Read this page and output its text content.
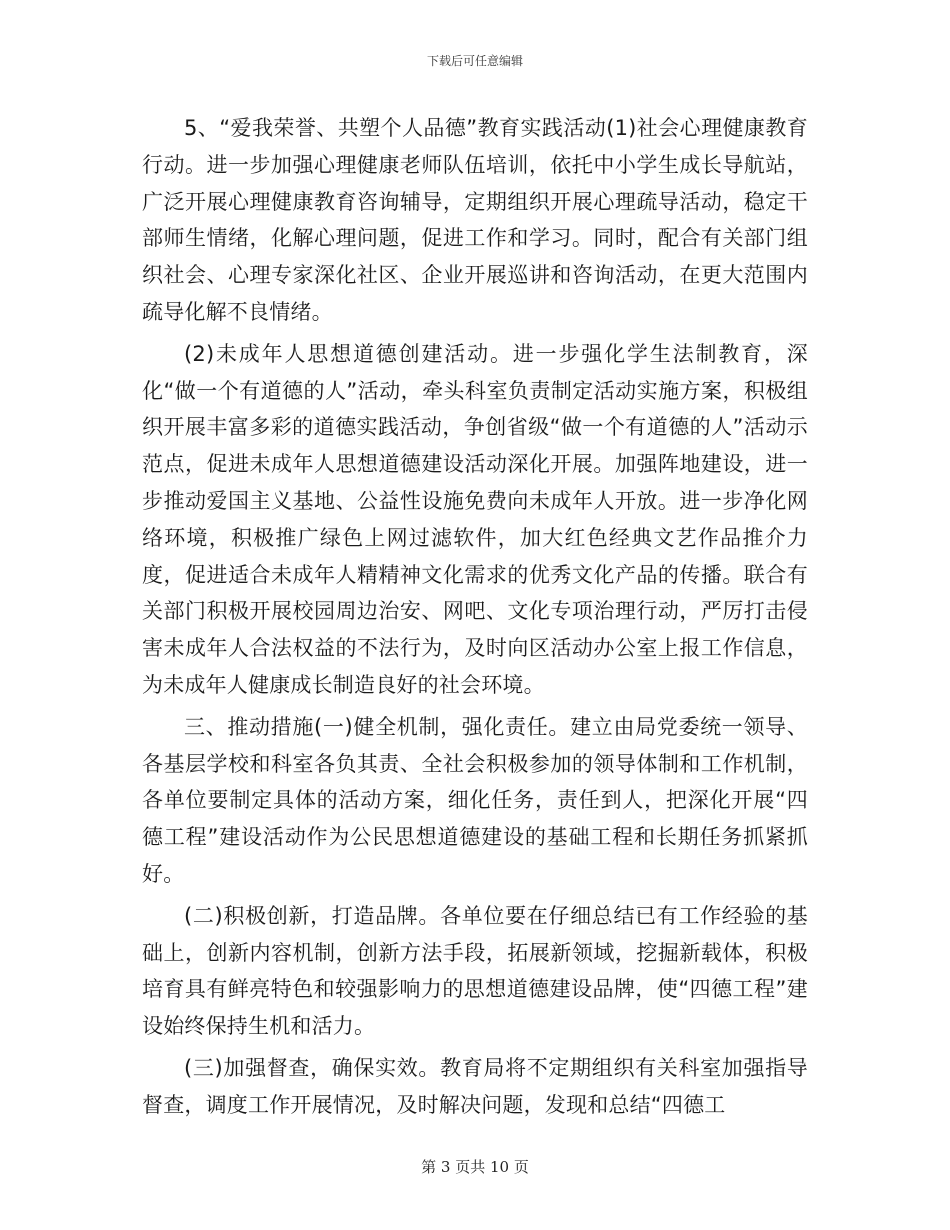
下载后可任意编辑

5、“爱我荣誉、共塑个人品德”教育实践活动(1)社会心理健康教育行动。进一步加强心理健康老师队伍培训，依托中小学生成长导航站，广泛开展心理健康教育咨询辅导，定期组织开展心理疏导活动，稳定干部师生情绪，化解心理问题，促进工作和学习。同时，配合有关部门组织社会、心理专家深化社区、企业开展巡讲和咨询活动，在更大范围内疏导化解不良情绪。

(2)未成年人思想道德创建活动。进一步强化学生法制教育，深化“做一个有道德的人”活动，牵头科室负责制定活动实施方案，积极组织开展丰富多彩的道德实践活动，争创省级“做一个有道德的人”活动示范点，促进未成年人思想道德建设活动深化开展。加强阵地建设，进一步推动爱国主义基地、公益性设施免费向未成年人开放。进一步净化网络环境，积极推广绿色上网过滤软件，加大红色经典文艺作品推介力度，促进适合未成年人精精神文化需求的优秀文化产品的传播。联合有关部门积极开展校园周边治安、网吧、文化专项治理行动，严厉打击侵害未成年人合法权益的不法行为，及时向区活动办公室上报工作信息，为未成年人健康成长制造良好的社会环境。

三、推动措施(一)健全机制，强化责任。建立由局党委统一领导、各基层学校和科室各负其责、全社会积极参加的领导体制和工作机制，各单位要制定具体的活动方案，细化任务，责任到人，把深化开展“四德工程”建设活动作为公民思想道德建设的基础工程和长期任务抓紧抓好。

(二)积极创新，打造品牌。各单位要在仔细总结已有工作经验的基础上，创新内容机制，创新方法手段，拓展新领域，挖掘新载体，积极培育具有鲜亮特色和较强影响力的思想道德建设品牌，使“四德工程”建设始终保持生机和活力。

(三)加强督查，确保实效。教育局将不定期组织有关科室加强指导督查，调度工作开展情况，及时解决问题，发现和总结“四德工

第 3 页共 10 页
